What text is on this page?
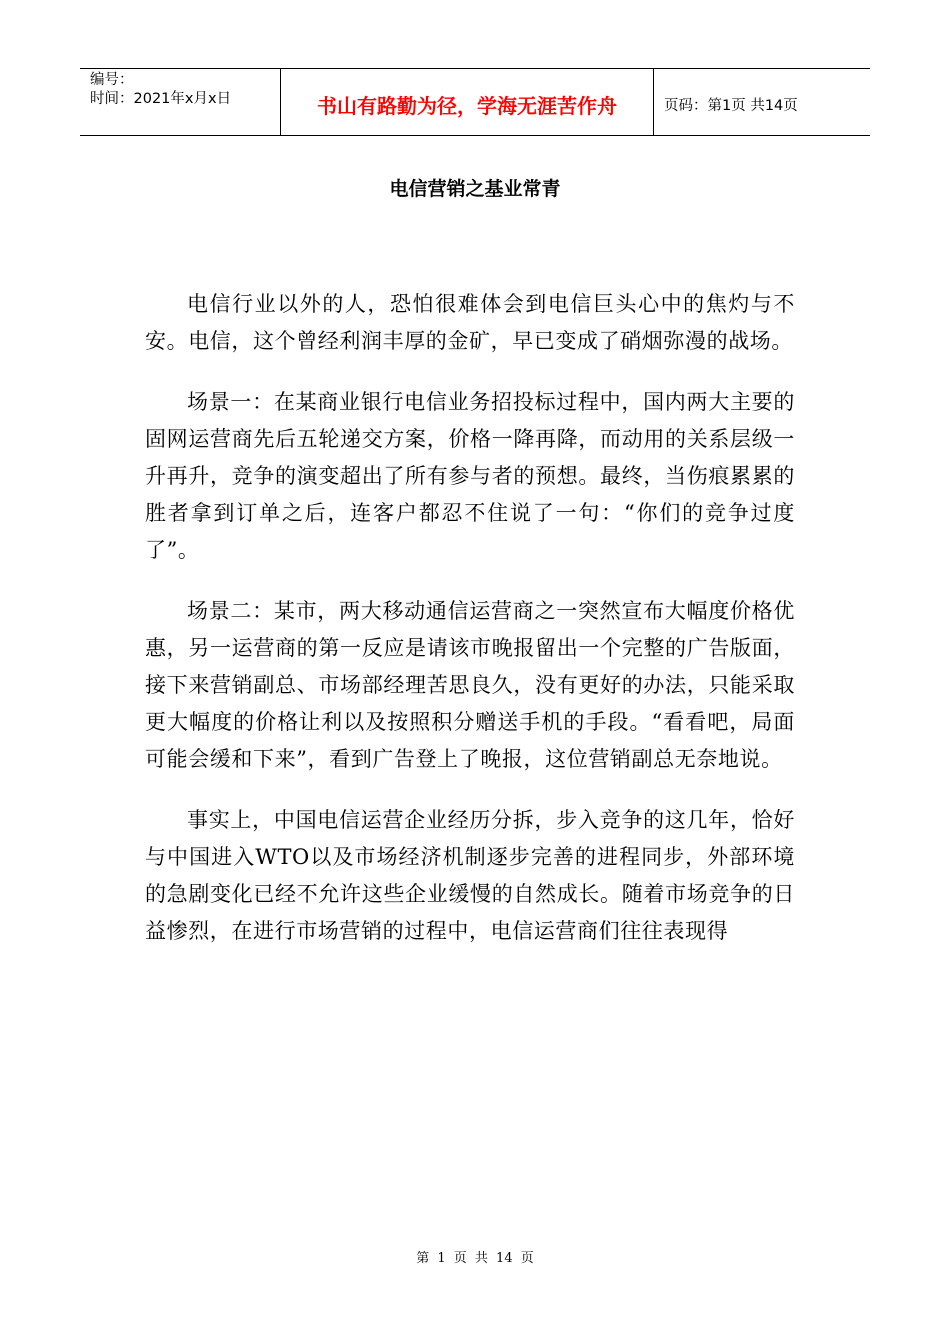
编号：
时间：2021年x月x日	书山有路勤为径，学海无涯苦作舟	页码：第1页 共14页
电信营销之基业常青

电信行业以外的人，恐怕很难体会到电信巨头心中的焦灼与不安。电信，这个曾经利润丰厚的金矿，早已变成了硝烟弥漫的战场。

场景一：在某商业银行电信业务招投标过程中，国内两大主要的固网运营商先后五轮递交方案，价格一降再降，而动用的关系层级一升再升，竞争的演变超出了所有参与者的预想。最终，当伤痕累累的胜者拿到订单之后，连客户都忍不住说了一句：“你们的竞争过度了”。

场景二：某市，两大移动通信运营商之一突然宣布大幅度价格优惠，另一运营商的第一反应是请该市晚报留出一个完整的广告版面，接下来营销副总、市场部经理苦思良久，没有更好的办法，只能采取更大幅度的价格让利以及按照积分赠送手机的手段。“看看吧，局面可能会缓和下来”，看到广告登上了晚报，这位营销副总无奈地说。

事实上，中国电信运营企业经历分拆，步入竞争的这几年，恰好与中国进入WTO以及市场经济机制逐步完善的进程同步，外部环境的急剧变化已经不允许这些企业缓慢的自然成长。随着市场竞争的日益惨烈，在进行市场营销的过程中，电信运营商们往往表现得

第 1 页 共 14 页
